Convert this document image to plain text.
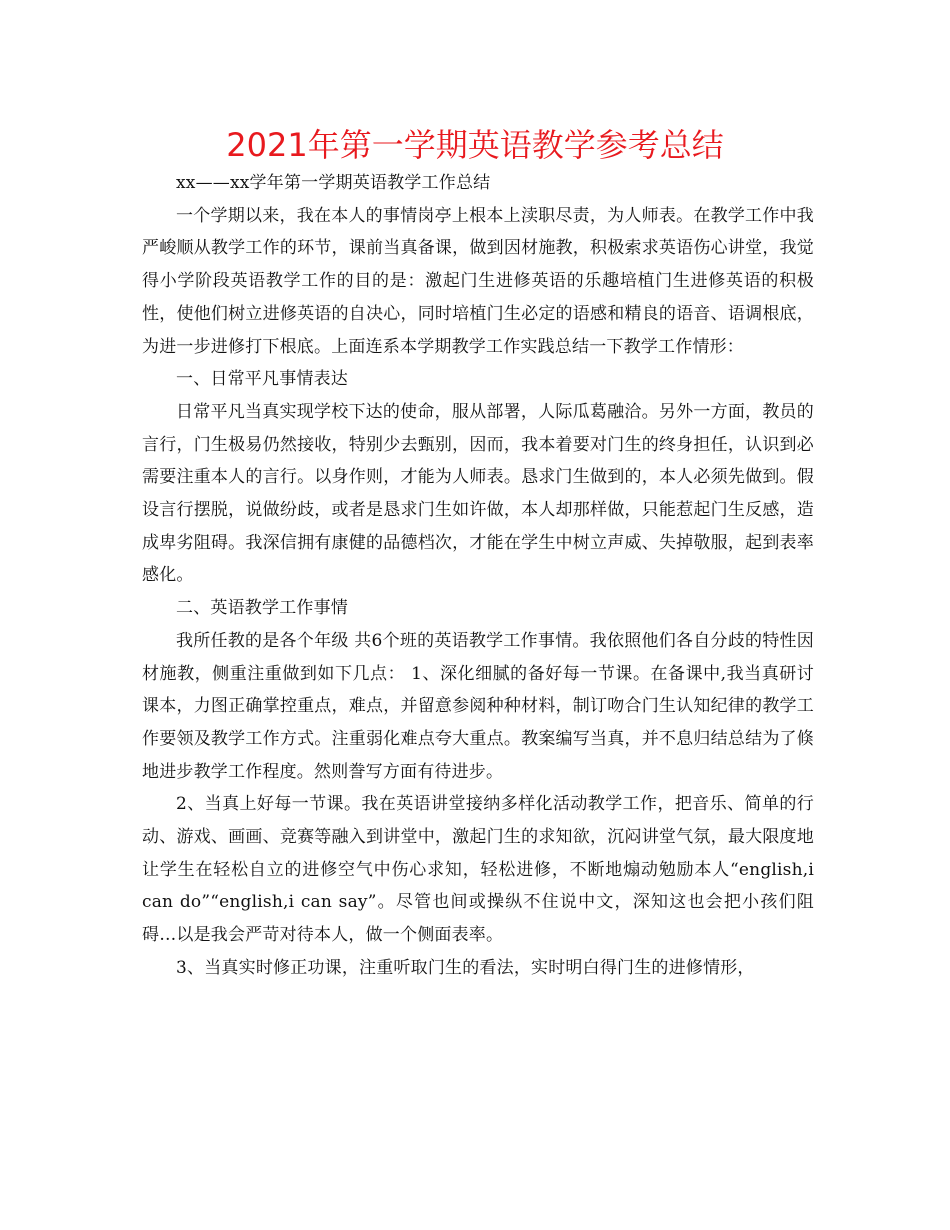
2021年第一学期英语教学参考总结

xx——xx学年第一学期英语教学工作总结

一个学期以来，我在本人的事情岗亭上根本上渎职尽责，为人师表。在教学工作中我严峻顺从教学工作的环节，课前当真备课，做到因材施教，积极索求英语伤心讲堂，我觉得小学阶段英语教学工作的目的是：激起门生进修英语的乐趣培植门生进修英语的积极性，使他们树立进修英语的自决心，同时培植门生必定的语感和精良的语音、语调根底，为进一步进修打下根底。上面连系本学期教学工作实践总结一下教学工作情形：

一、日常平凡事情表达

日常平凡当真实现学校下达的使命，服从部署，人际瓜葛融洽。另外一方面，教员的言行，门生极易仍然接收，特别少去甄别，因而，我本着要对门生的终身担任，认识到必需要注重本人的言行。以身作则，才能为人师表。恳求门生做到的，本人必须先做到。假设言行摆脱，说做纷歧，或者是恳求门生如许做，本人却那样做，只能惹起门生反感，造成卑劣阻碍。我深信拥有康健的品德档次，才能在学生中树立声威、失掉敬服，起到表率感化。

二、英语教学工作事情

我所任教的是各个年级 共6个班的英语教学工作事情。我依照他们各自分歧的特性因材施教，侧重注重做到如下几点： 1、深化细腻的备好每一节课。在备课中,我当真研讨课本，力图正确掌控重点，难点，并留意参阅种种材料，制订吻合门生认知纪律的教学工作要领及教学工作方式。注重弱化难点夸大重点。教案编写当真，并不息归结总结为了倏地进步教学工作程度。然则誊写方面有待进步。

2、当真上好每一节课。我在英语讲堂接纳多样化活动教学工作，把音乐、简单的行动、游戏、画画、竞赛等融入到讲堂中，激起门生的求知欲，沉闷讲堂气氛，最大限度地让学生在轻松自立的进修空气中伤心求知，轻松进修，不断地煽动勉励本人“english,i can do”“english,i can say”。尽管也间或操纵不住说中文，深知这也会把小孩们阻碍…以是我会严苛对待本人，做一个侧面表率。

3、当真实时修正功课，注重听取门生的看法，实时明白得门生的进修情形，
